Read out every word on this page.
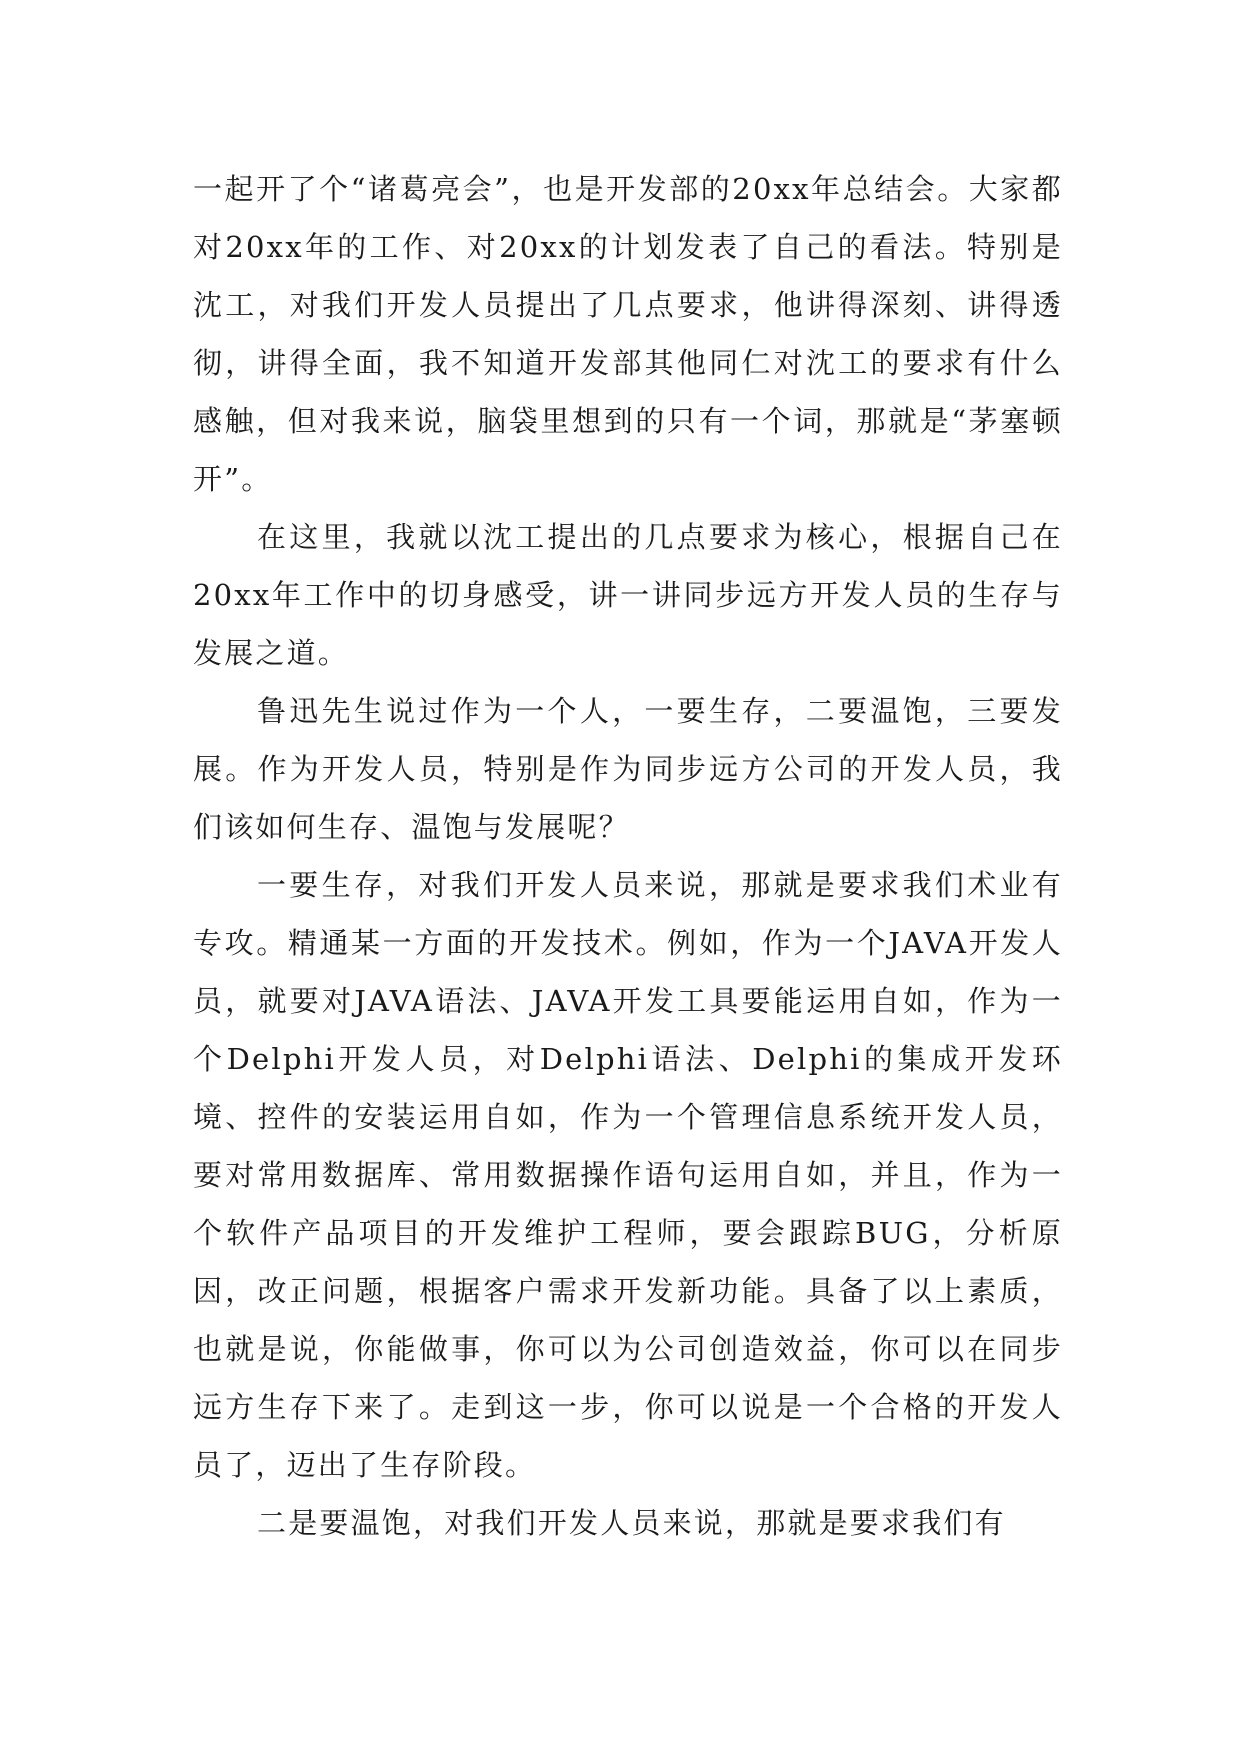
一起开了个“诸葛亮会”，也是开发部的20xx年总结会。大家都对20xx年的工作、对20xx的计划发表了自己的看法。特别是沈工，对我们开发人员提出了几点要求，他讲得深刻、讲得透彻，讲得全面，我不知道开发部其他同仁对沈工的要求有什么感触，但对我来说，脑袋里想到的只有一个词，那就是“茅塞顿开”。

在这里，我就以沈工提出的几点要求为核心，根据自己在20xx年工作中的切身感受，讲一讲同步远方开发人员的生存与发展之道。

鲁迅先生说过作为一个人，一要生存，二要温饱，三要发展。作为开发人员，特别是作为同步远方公司的开发人员，我们该如何生存、温饱与发展呢？

一要生存，对我们开发人员来说，那就是要求我们术业有专攻。精通某一方面的开发技术。例如，作为一个JAVA开发人员，就要对JAVA语法、JAVA开发工具要能运用自如，作为一个Delphi开发人员，对Delphi语法、Delphi的集成开发环境、控件的安装运用自如，作为一个管理信息系统开发人员，要对常用数据库、常用数据操作语句运用自如，并且，作为一个软件产品项目的开发维护工程师，要会跟踪BUG，分析原因，改正问题，根据客户需求开发新功能。具备了以上素质，也就是说，你能做事，你可以为公司创造效益，你可以在同步远方生存下来了。走到这一步，你可以说是一个合格的开发人员了，迈出了生存阶段。

二是要温饱，对我们开发人员来说，那就是要求我们有
